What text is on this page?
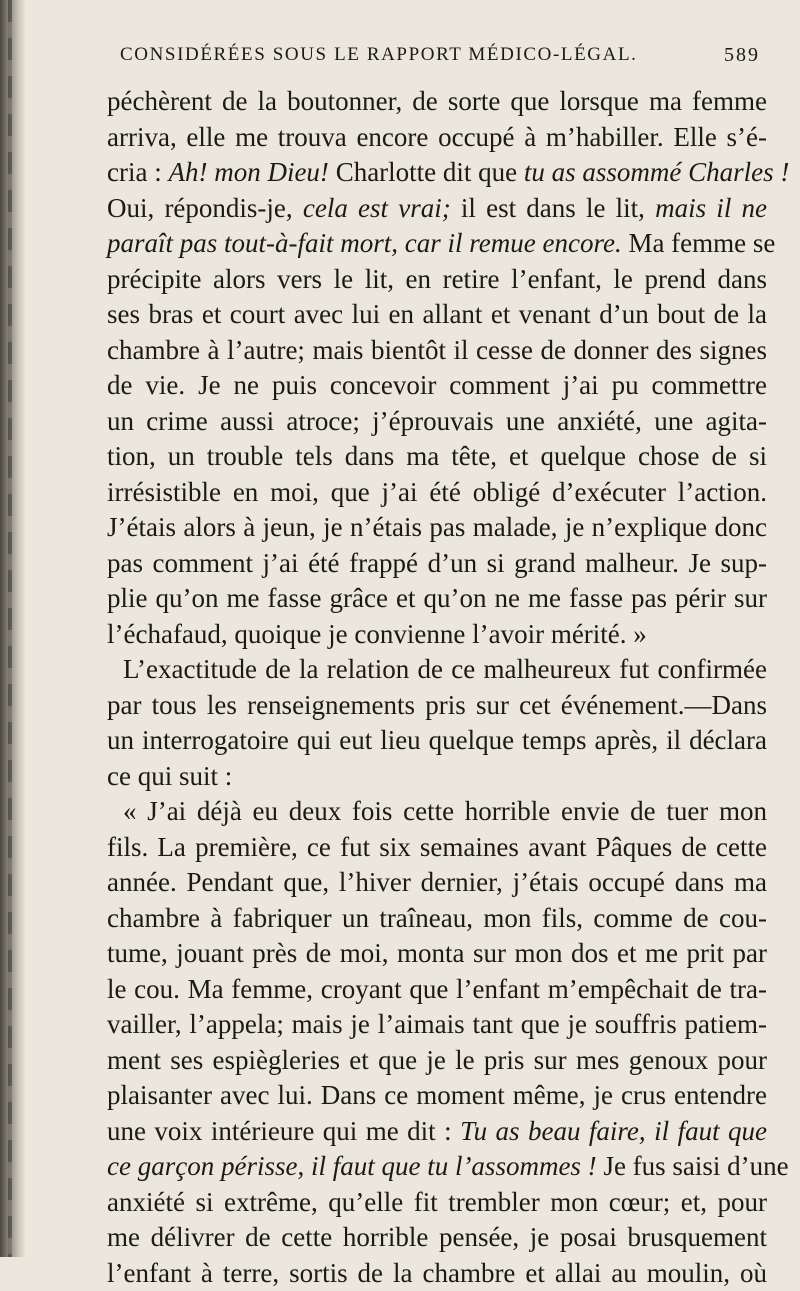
CONSIDÉRÉES SOUS LE RAPPORT MÉDICO-LÉGAL.	589
péchèrent de la boutonner, de sorte que lorsque ma femme
arriva, elle me trouva encore occupé à m’habiller. Elle s’é-
cria : Ah! mon Dieu! Charlotte dit que tu as assommé Charles !
Oui, répondis-je, cela est vrai; il est dans le lit, mais il ne
paraît pas tout-à-fait mort, car il remue encore. Ma femme se
précipite alors vers le lit, en retire l’enfant, le prend dans
ses bras et court avec lui en allant et venant d’un bout de la
chambre à l’autre; mais bientôt il cesse de donner des signes
de vie. Je ne puis concevoir comment j’ai pu commettre
un crime aussi atroce; j’éprouvais une anxiété, une agita-
tion, un trouble tels dans ma tête, et quelque chose de si
irrésistible en moi, que j’ai été obligé d’exécuter l’action.
J’étais alors à jeun, je n’étais pas malade, je n’explique donc
pas comment j’ai été frappé d’un si grand malheur. Je sup-
plie qu’on me fasse grâce et qu’on ne me fasse pas périr sur
l’échafaud, quoique je convienne l’avoir mérité. »
L’exactitude de la relation de ce malheureux fut confirmée
par tous les renseignements pris sur cet événement.—Dans
un interrogatoire qui eut lieu quelque temps après, il déclara
ce qui suit :
« J’ai déjà eu deux fois cette horrible envie de tuer mon
fils. La première, ce fut six semaines avant Pâques de cette
année. Pendant que, l’hiver dernier, j’étais occupé dans ma
chambre à fabriquer un traîneau, mon fils, comme de cou-
tume, jouant près de moi, monta sur mon dos et me prit par
le cou. Ma femme, croyant que l’enfant m’empêchait de tra-
vailler, l’appela; mais je l’aimais tant que je souffris patiem-
ment ses espiègleries et que je le pris sur mes genoux pour
plaisanter avec lui. Dans ce moment même, je crus entendre
une voix intérieure qui me dit : Tu as beau faire, il faut que
ce garçon périsse, il faut que tu l’assommes ! Je fus saisi d’une
anxiété si extrême, qu’elle fit trembler mon cœur; et, pour
me délivrer de cette horrible pensée, je posai brusquement
l’enfant à terre, sortis de la chambre et allai au moulin, où
